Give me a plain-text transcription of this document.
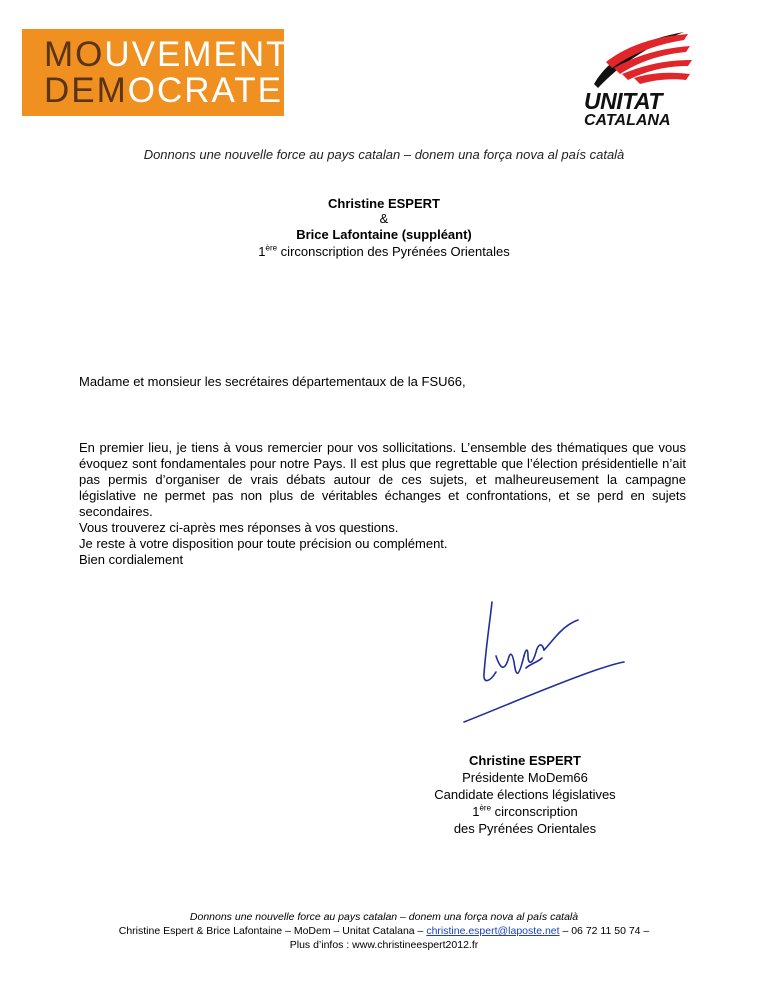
MOUVEMENT
DEMOCRATE	UNITAT
CATALANA
Donnons une nouvelle force au pays catalan – donem una força nova al país català
Christine ESPERT
&
Brice Lafontaine (suppléant)
1ère circonscription des Pyrénées Orientales
Madame et monsieur les secrétaires départementaux de la FSU66,

En premier lieu, je tiens à vous remercier pour vos sollicitations. L’ensemble des thématiques que vous évoquez sont fondamentales pour notre Pays. Il est plus que regrettable que l’élection présidentielle n’ait pas permis d’organiser de vrais débats autour de ces sujets, et malheureusement la campagne législative ne permet pas non plus de véritables échanges et confrontations, et se perd en sujets secondaires.

Vous trouverez ci-après mes réponses à vos questions.

Je reste à votre disposition pour toute précision ou complément.

Bien cordialement

Christine ESPERT
Présidente MoDem66
Candidate élections législatives
1ère circonscription
des Pyrénées Orientales
Donnons une nouvelle force au pays catalan – donem una força nova al país català
Christine Espert & Brice Lafontaine – MoDem – Unitat Catalana – christine.espert@laposte.net – 06 72 11 50 74 –
Plus d’infos : www.christineespert2012.fr
